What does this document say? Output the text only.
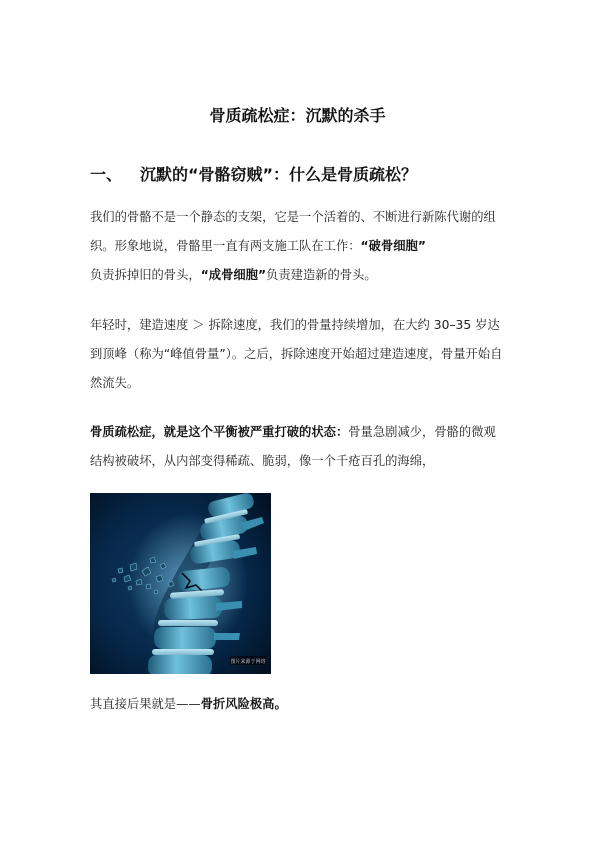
骨质疏松症：沉默的杀手
一、 沉默的“骨骼窃贼”：什么是骨质疏松？
我们的骨骼不是一个静态的支架，它是一个活着的、不断进行新陈代谢的组织。形象地说，骨骼里一直有两支施工队在工作：“破骨细胞”
负责拆掉旧的骨头，“成骨细胞”负责建造新的骨头。
年轻时，建造速度 ＞ 拆除速度，我们的骨量持续增加，在大约 30–35 岁达到顶峰（称为“峰值骨量”）。之后，拆除速度开始超过建造速度，骨量开始自然流失。
骨质疏松症，就是这个平衡被严重打破的状态：骨量急剧减少，骨骼的微观结构被破坏，从内部变得稀疏、脆弱，像一个千疮百孔的海绵，
图片来源于网络
其直接后果就是——骨折风险极高。
